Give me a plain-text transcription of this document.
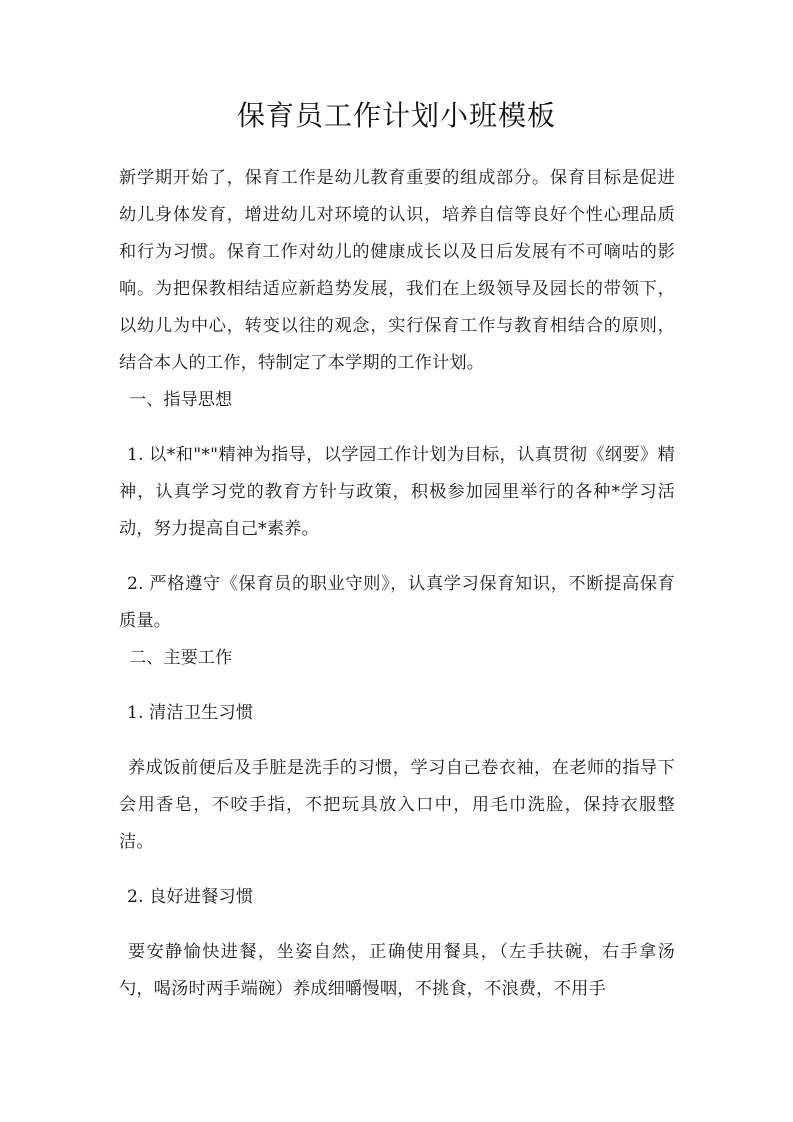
保育员工作计划小班模板

新学期开始了，保育工作是幼儿教育重要的组成部分。保育目标是促进幼儿身体发育，增进幼儿对环境的认识，培养自信等良好个性心理品质和行为习惯。保育工作对幼儿的健康成长以及日后发展有不可嘀咕的影响。为把保教相结适应新趋势发展，我们在上级领导及园长的带领下，以幼儿为中心，转变以往的观念，实行保育工作与教育相结合的原则，结合本人的工作，特制定了本学期的工作计划。

一、指导思想

1. 以*和"*"精神为指导，以学园工作计划为目标，认真贯彻《纲要》精神，认真学习党的教育方针与政策，积极参加园里举行的各种*学习活动，努力提高自己*素养。

2. 严格遵守《保育员的职业守则》，认真学习保育知识，不断提高保育质量。

二、主要工作

1. 清洁卫生习惯

养成饭前便后及手脏是洗手的习惯，学习自己卷衣袖，在老师的指导下会用香皂，不咬手指，不把玩具放入口中，用毛巾洗脸，保持衣服整洁。

2. 良好进餐习惯

要安静愉快进餐，坐姿自然，正确使用餐具，（左手扶碗，右手拿汤勺，喝汤时两手端碗）养成细嚼慢咽，不挑食，不浪费，不用手
